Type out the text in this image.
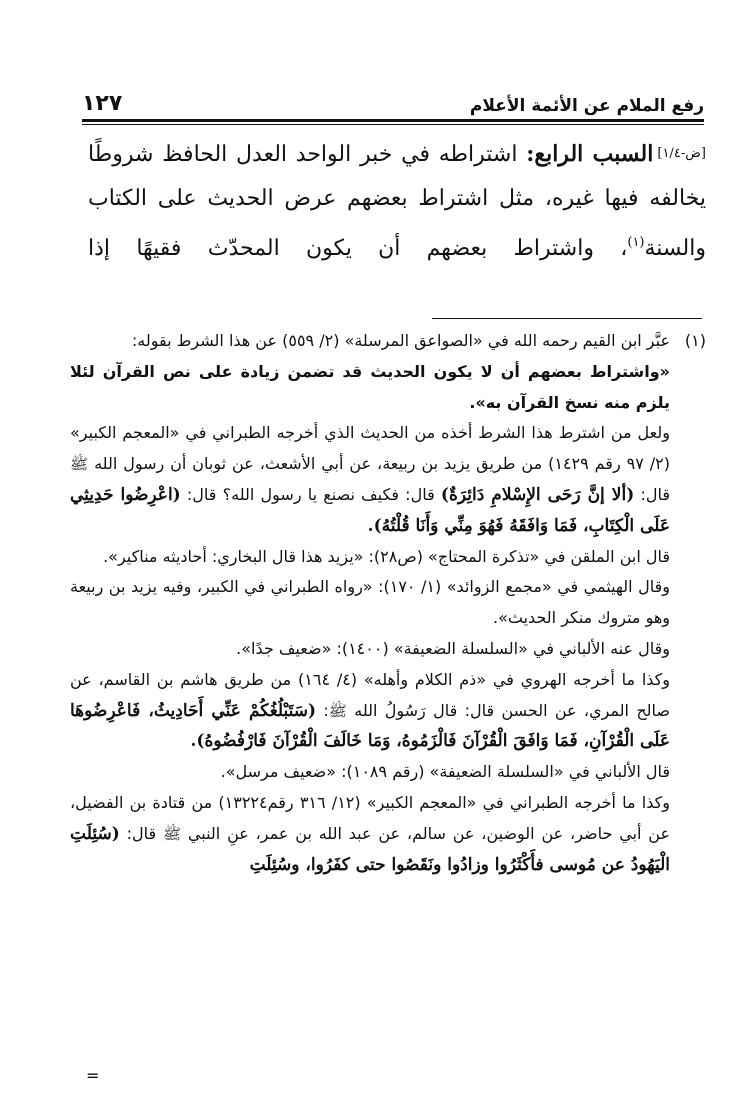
رفع الملام عن الأئمة الأعلام
١٢٧
[ض-١/٤]السبب الرابع: اشتراطه في خبر الواحد العدل الحافظ شروطًا يخالفه فيها غيره، مثل اشتراط بعضهم عرض الحديث على الكتاب والسنة$^{(١)}$، واشتراط بعضهم أن يكون المحدّث فقيهًا إذا

(١)
عبَّر ابن القيم رحمه الله في «الصواعق المرسلة» (٢/ ٥٥٩) عن هذا الشرط بقوله:

«واشتراط بعضهم أن لا يكون الحديث قد تضمن زيادة على نص القرآن لئلا يلزم منه نسخ القرآن به».

ولعل من اشترط هذا الشرط أخذه من الحديث الذي أخرجه الطبراني في «المعجم الكبير» (٢/ ٩٧ رقم ١٤٢٩) من طريق يزيد بن ربيعة، عن أبي الأشعث، عن ثوبان أن رسول الله ﷺ قال: (ألا إنَّ رَحَى الإِسْلامِ دَائِرَةٌ) قال: فكيف نصنع يا رسول الله؟ قال: (اعْرِضُوا حَدِيثِي عَلَى الْكِتَابِ، فَمَا وَافَقَهُ فَهُوَ مِنِّي وَأَنَا قُلْتُهُ).

قال ابن الملقن في «تذكرة المحتاج» (ص٢٨): «يزيد هذا قال البخاري: أحاديثه مناكير».

وقال الهيثمي في «مجمع الزوائد» (١/ ١٧٠): «رواه الطبراني في الكبير، وفيه يزيد بن ربيعة وهو متروك منكر الحديث».

وقال عنه الألباني في «السلسلة الضعيفة» (١٤٠٠): «ضعيف جدًا».

وكذا ما أخرجه الهروي في «ذم الكلام وأهله» (٤/ ١٦٤) من طريق هاشم بن القاسم، عن صالح المري، عن الحسن قال: قال رَسُولُ الله ﷺ: (سَتَبْلُغُكُمْ عَنِّي أَحَادِيثُ، فَاعْرِضُوهَا عَلَى الْقُرْآنِ، فَمَا وَافَقَ الْقُرْآنَ فَالْزَمُوهُ، وَمَا خَالَفَ الْقُرْآنَ فَارْفُضُوهُ).

قال الألباني في «السلسلة الضعيفة» (رقم ١٠٨٩): «ضعيف مرسل».

وكذا ما أخرجه الطبراني في «المعجم الكبير» (١٢/ ٣١٦ رقم١٣٢٢٤) من قتادة بن الفضيل، عن أبي حاضر، عن الوضين، عن سالم، عن عبد الله بن عمر، عنِ النبي ﷺ قال: (سُئِلَتِ الْيَهُودُ عن مُوسى فأَكْثَرُوا وزادُوا ونَقَصُوا حتى كفَرُوا، وسُئِلَتِ

=
